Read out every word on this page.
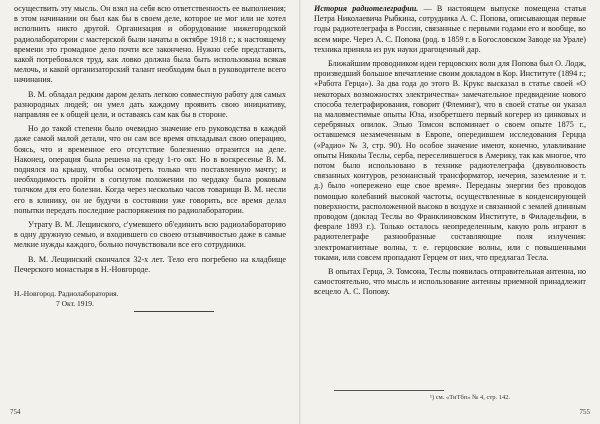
осуществить эту мысль. Он взял на себя всю ответственность ее выполнения; в этом начинании он был как бы в своем деле, которое не мог или не хотел исполнить никто другой. Организация и оборудование нижегородской радиолаборатории с мастерской были начаты в октябре 1918 г.; к настоящему времени это громадное дело почти все закончено. Нужно себе представить, какой потребовался труд, как ловко должна была быть использована всякая мелочь, и какой организаторский талант необходим был в руководителе всего начинания.

В. М. обладал редким даром делать легкою совместную работу для самых разнородных людей; он умел дать каждому проявить свою инициативу, направляя ее к общей цели, и оставаясь сам как бы в стороне.

Но до такой степени было очевидно значение его руководства в каждой даже самой малой детали, что он сам все время откладывал свою операцию, боясь, что и временное его отсутствие болезненно отразится на деле. Наконец, операция была решена на среду 1-го окт. Но в воскресенье В. М. поднялся на крышу, чтобы осмотреть только что поставленную мачту; и необходимость пройти в согнутом положении по чердаку была роковым толчком для его болезни. Когда через несколько часов товарищи В. М. несли его в клинику, он не будучи в состоянии уже говорить, все время делал попытки передать последние распоряжения по радиолаборатории.

Утрату В. М. Лещинского, с'умевшего об'единить всю радиолабораторию в одну дружную семью, и входившего со своею отзывчивостью даже в самые мелкие нужды каждого, больно почувствовали все его сотрудники.

В. М. Лещинский скончался 32-х лет. Тело его погребено на кладбище Печерского монастыря в Н.-Новгороде.

Н.-Новгород. Радиолаборатория.
7 Окт. 1919.
754

История радиотелеграфии. — В настоящем выпуске помещена статья Петра Николаевича Рыбкина, сотрудника А. С. Попова, описывающая первые годы радиотелеграфа в России, связанные с первыми годами его и вообще, во всем мире. Через А. С. Попова (род. в 1859 г. в Богословском Заводе на Урале) техника приняла из рук науки драгоценный дар.

Ближайшим проводником идеи герцовских волн для Попова был О. Лодж, произведший большое впечатление своим докладом в Кор. Институте (1894 г.; «Работа Герца»). За два года до этого В. Крукс высказал в статье своей «О некоторых возможностях электричества» замечательное предвидение нового способа телеграфирования, говорит (Флеминг), что в своей статье он указал на маловместимые опыты Юза, изобретшего первый когерер из цинковых и серебряных опилок. Элью Томсон вспоминает о своем опыте 1875 г., оставшемся незамеченным в Европе, опередившем исследования Герцца («Радио» № 3, стр. 90). Но особое значение имеют, конечно, улавливание опыты Николы Теслы, серба, переселившегося в Америку, так как многое, что потом было использовано в технике радиотелеграфа (двуволновость связанных контуров, резонансный трансформатор, нечерия, заземление и т. д.) было «опережено еще свое время». Переданы энергии без проводов помощью колебаний высокой частоты, осуществленные в конденсирующей поверхности, расположенной высоко в воздухе и связанной с землей длинным проводом (доклад Теслы во Франклиновском Институте, в Филадельфии, в феврале 1893 г.). Только осталось неопределенным, какую роль играют в радиотелеграфе разнообразные составляющие поля излучения: электромагнитные волны, т. е. герцовские волны, или с повышенными токами, или совсем пропадают Герцем от них, что предлагал Тесла.

В опытах Герца, Э. Томсона, Теслы появилась отправительная антенна, но самостоятельно, что мысль и использование антенны приемной принадлежит всецело А. С. Попову.

¹) см. «ТиТбп» № 4, стр. 142.
755
